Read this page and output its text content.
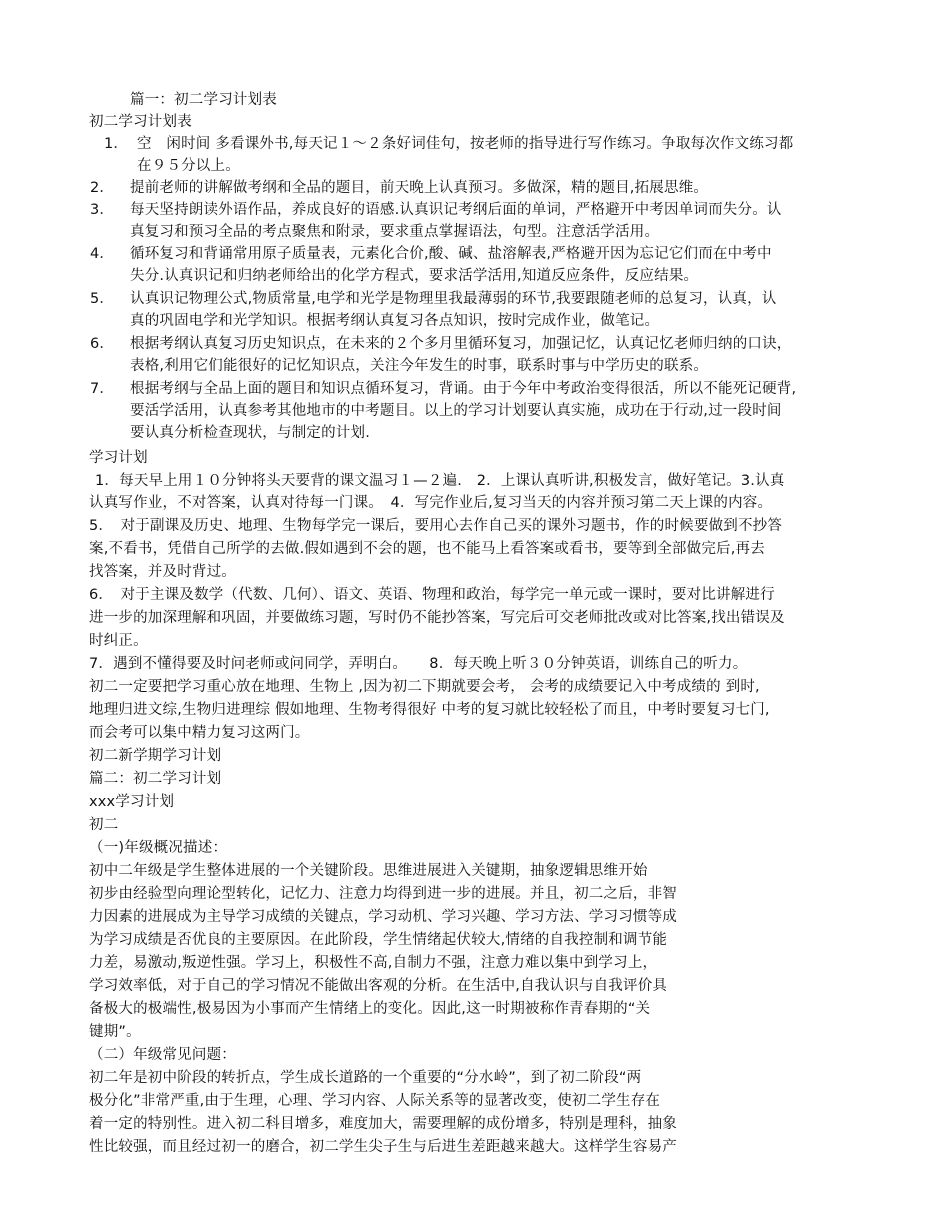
篇一：初二学习计划表
初二学习计划表
1． 空　闲时间 多看课外书,每天记１～２条好词佳句，按老师的指导进行写作练习。争取每次作文练习都
在９５分以上。
2． 提前老师的讲解做考纲和全品的题目，前天晚上认真预习。多做深，精的题目,拓展思维。
3． 每天坚持朗读外语作品，养成良好的语感.认真识记考纲后面的单词，严格避开中考因单词而失分。认
真复习和预习全品的考点聚焦和附录，要求重点掌握语法，句型。注意活学活用。
4． 循环复习和背诵常用原子质量表，元素化合价,酸、碱、盐溶解表,严格避开因为忘记它们而在中考中
失分.认真识记和归纳老师给出的化学方程式，要求活学活用,知道反应条件，反应结果。
5． 认真识记物理公式,物质常量,电学和光学是物理里我最薄弱的环节,我要跟随老师的总复习，认真，认
真的巩固电学和光学知识。根据考纲认真复习各点知识，按时完成作业，做笔记。
6． 根据考纲认真复习历史知识点，在未来的２个多月里循环复习，加强记忆，认真记忆老师归纳的口诀，
表格,利用它们能很好的记忆知识点，关注今年发生的时事，联系时事与中学历史的联系。
7． 根据考纲与全品上面的题目和知识点循环复习，背诵。由于今年中考政治变得很活，所以不能死记硬背,
要活学活用，认真参考其他地市的中考题目。以上的学习计划要认真实施，成功在于行动,过一段时间
要认真分析检查现状，与制定的计划.
学习计划
1．每天早上用１０分钟将头天要背的课文温习１—２遍.　2．上课认真听讲,积极发言，做好笔记。3.认真
认真写作业，不对答案，认真对待每一门课。　4．写完作业后,复习当天的内容并预习第二天上课的内容。
5．　对于副课及历史、地理、生物每学完一课后，要用心去作自己买的课外习题书，作的时候要做到不抄答
案,不看书，凭借自己所学的去做.假如遇到不会的题，也不能马上看答案或看书，要等到全部做完后,再去
找答案，并及时背过。
6．　对于主课及数学（代数、几何）、语文、英语、物理和政治，每学完一单元或一课时，要对比讲解进行
进一步的加深理解和巩固，并要做练习题，写时仍不能抄答案，写完后可交老师批改或对比答案,找出错误及
时纠正。
7．遇到不懂得要及时问老师或问同学，弄明白。　　8．每天晚上听３０分钟英语，训练自己的听力。
初二一定要把学习重心放在地理、生物上 ,因为初二下期就要会考， 会考的成绩要记入中考成绩的 到时,
地理归进文综,生物归进理综 假如地理、生物考得很好 中考的复习就比较轻松了而且，中考时要复习七门,
而会考可以集中精力复习这两门。
初二新学期学习计划
篇二：初二学习计划
xxx学习计划
初二
（一)年级概况描述：
初中二年级是学生整体进展的一个关键阶段。思维进展进入关键期，抽象逻辑思维开始
初步由经验型向理论型转化，记忆力、注意力均得到进一步的进展。并且，初二之后，非智
力因素的进展成为主导学习成绩的关键点，学习动机、学习兴趣、学习方法、学习习惯等成
为学习成绩是否优良的主要原因。在此阶段，学生情绪起伏较大,情绪的自我控制和调节能
力差，易激动,叛逆性强。学习上，积极性不高,自制力不强，注意力难以集中到学习上，
学习效率低，对于自己的学习情况不能做出客观的分析。在生活中,自我认识与自我评价具
备极大的极端性,极易因为小事而产生情绪上的变化。因此,这一时期被称作青春期的“关
键期”。
（二）年级常见问题：
初二年是初中阶段的转折点，学生成长道路的一个重要的“分水岭”，到了初二阶段“两
极分化”非常严重,由于生理，心理、学习内容、人际关系等的显著改变，使初二学生存在
着一定的特别性。进入初二科目增多，难度加大，需要理解的成份增多，特别是理科，抽象
性比较强，而且经过初一的磨合，初二学生尖子生与后进生差距越来越大。这样学生容易产
